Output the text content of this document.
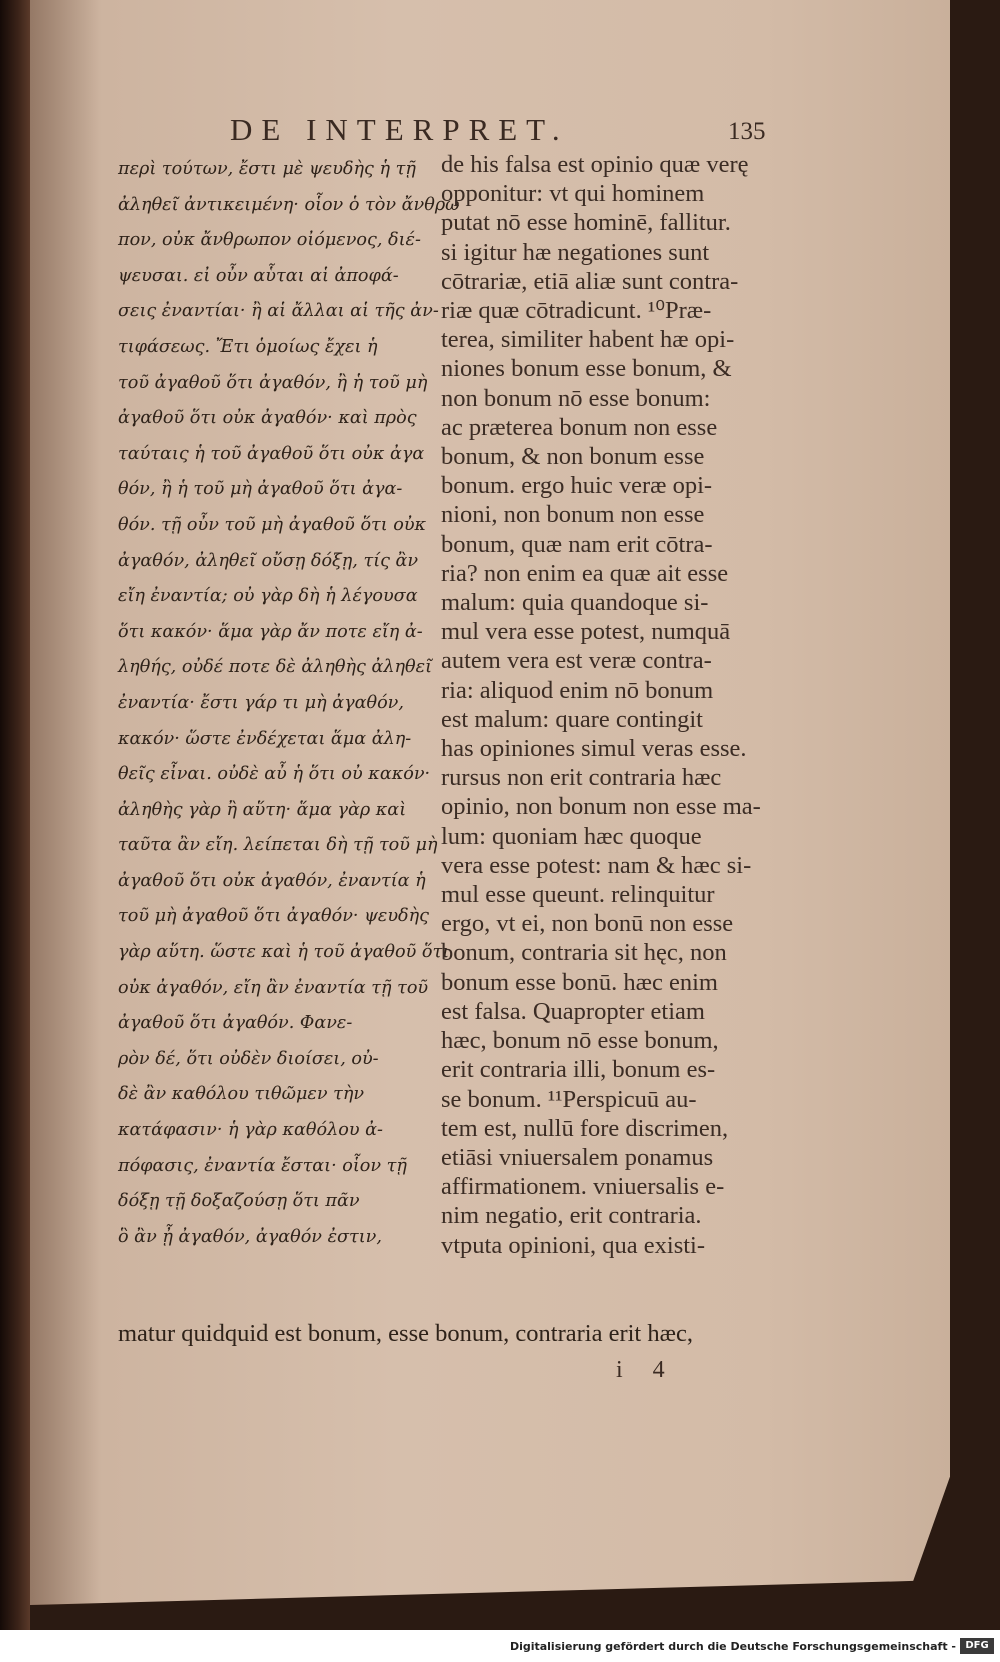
DE INTERPRET.	135
περὶ τούτων, ἔστι μὲ ψευδὴς ἡ τῇ
ἀληθεῖ ἀντικειμένη· οἷον ὁ τὸν ἄνθρω
πον, οὐκ ἄνθρωπον οἰόμενος, διέ-
ψευσαι. εἰ οὖν αὗται αἱ ἀποφά-
σεις ἐναντίαι· ἢ αἱ ἄλλαι αἱ τῆς ἀν-
τιφάσεως. Ἔτι ὁμοίως ἔχει ἡ
τοῦ ἀγαθοῦ ὅτι ἀγαθόν, ἢ ἡ τοῦ μὴ
ἀγαθοῦ ὅτι οὐκ ἀγαθόν· καὶ πρὸς
ταύταις ἡ τοῦ ἀγαθοῦ ὅτι οὐκ ἀγα
θόν, ἢ ἡ τοῦ μὴ ἀγαθοῦ ὅτι ἀγα-
θόν. τῇ οὖν τοῦ μὴ ἀγαθοῦ ὅτι οὐκ
ἀγαθόν, ἀληθεῖ οὔσῃ δόξῃ, τίς ἂν
εἴη ἐναντία; οὐ γὰρ δὴ ἡ λέγουσα
ὅτι κακόν· ἅμα γὰρ ἄν ποτε εἴη ἀ-
ληθής, οὐδέ ποτε δὲ ἀληθὴς ἀληθεῖ
ἐναντία· ἔστι γάρ τι μὴ ἀγαθόν,
κακόν· ὥστε ἐνδέχεται ἅμα ἀλη-
θεῖς εἶναι. οὐδὲ αὖ ἡ ὅτι οὐ κακόν·
ἀληθὴς γὰρ ἢ αὕτη· ἅμα γὰρ καὶ
ταῦτα ἂν εἴη. λείπεται δὴ τῇ τοῦ μὴ
ἀγαθοῦ ὅτι οὐκ ἀγαθόν, ἐναντία ἡ
τοῦ μὴ ἀγαθοῦ ὅτι ἀγαθόν· ψευδὴς
γὰρ αὕτη. ὥστε καὶ ἡ τοῦ ἀγαθοῦ ὅτι
οὐκ ἀγαθόν, εἴη ἂν ἐναντία τῇ τοῦ
ἀγαθοῦ ὅτι ἀγαθόν. Φανε-
ρὸν δέ, ὅτι οὐδὲν διοίσει, οὐ-
δὲ ἂν καθόλου τιθῶμεν τὴν
κατάφασιν· ἡ γὰρ καθόλου ἀ-
πόφασις, ἐναντία ἔσται· οἷον τῇ
δόξῃ τῇ δοξαζούσῃ ὅτι πᾶν
ὃ ἂν ᾖ ἀγαθόν, ἀγαθόν ἐστιν,
de his falsa est opinio quæ verę
opponitur: vt qui hominem
putat nō esse hominē, fallitur.
si igitur hæ negationes sunt
cōtrariæ, etiā aliæ sunt contra-
riæ quæ cōtradicunt. ¹⁰Præ-
terea, similiter habent hæ opi-
niones bonum esse bonum, &
non bonum nō esse bonum:
ac præterea bonum non esse
bonum, & non bonum esse
bonum. ergo huic veræ opi-
nioni, non bonum non esse
bonum, quæ nam erit cōtra-
ria? non enim ea quæ ait esse
malum: quia quandoque si-
mul vera esse potest, numquā
autem vera est veræ contra-
ria: aliquod enim nō bonum
est malum: quare contingit
has opiniones simul veras esse.
rursus non erit contraria hæc
opinio, non bonum non esse ma-
lum: quoniam hæc quoque
vera esse potest: nam & hæc si-
mul esse queunt. relinquitur
ergo, vt ei, non bonū non esse
bonum, contraria sit hęc, non
bonum esse bonū. hæc enim
est falsa. Quapropter etiam
hæc, bonum nō esse bonum,
erit contraria illi, bonum es-
se bonum. ¹¹Perspicuū au-
tem est, nullū fore discrimen,
etiāsi vniuersalem ponamus
affirmationem. vniuersalis e-
nim negatio, erit contraria.
vtputa opinioni, qua existi-
matur quidquid est bonum, esse bonum, contraria erit hæc,
i 4
Digitalisierung gefördert durch die Deutsche Forschungsgemeinschaft - DFG
